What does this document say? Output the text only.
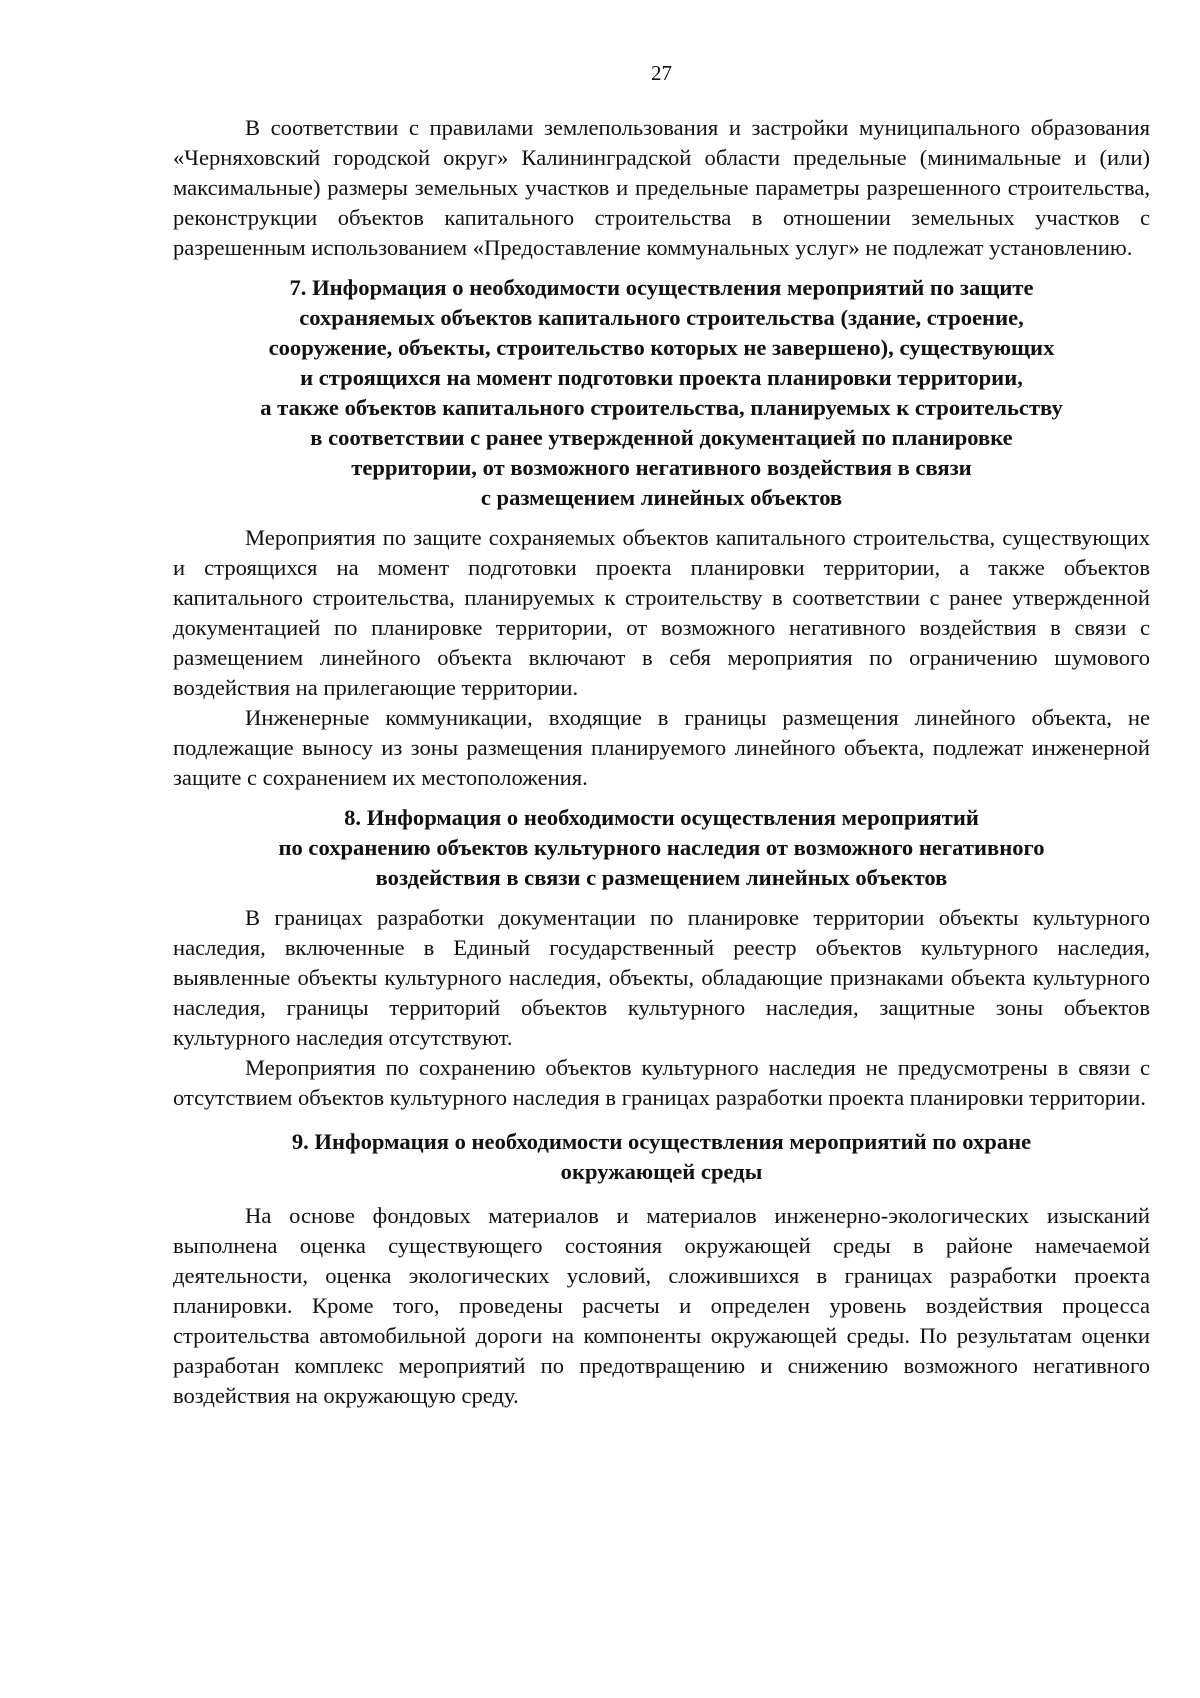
27

В соответствии с правилами землепользования и застройки муниципального образования «Черняховский городской округ» Калининградской области предельные (минимальные и (или) максимальные) размеры земельных участков и предельные параметры разрешенного строительства, реконструкции объектов капитального строительства в отношении земельных участков с разрешенным использованием «Предоставление коммунальных услуг» не подлежат установлению.

7. Информация о необходимости осуществления мероприятий по защите
сохраняемых объектов капитального строительства (здание, строение,
сооружение, объекты, строительство которых не завершено), существующих
и строящихся на момент подготовки проекта планировки территории,
а также объектов капитального строительства, планируемых к строительству
в соответствии с ранее утвержденной документацией по планировке
территории, от возможного негативного воздействия в связи
с размещением линейных объектов

Мероприятия по защите сохраняемых объектов капитального строительства, существующих и строящихся на момент подготовки проекта планировки территории, а также объектов капитального строительства, планируемых к строительству в соответствии с ранее утвержденной документацией по планировке территории, от возможного негативного воздействия в связи с размещением линейного объекта включают в себя мероприятия по ограничению шумового воздействия на прилегающие территории.

Инженерные коммуникации, входящие в границы размещения линейного объекта, не подлежащие выносу из зоны размещения планируемого линейного объекта, подлежат инженерной защите с сохранением их местоположения.

8. Информация о необходимости осуществления мероприятий
по сохранению объектов культурного наследия от возможного негативного
воздействия в связи с размещением линейных объектов

В границах разработки документации по планировке территории объекты культурного наследия, включенные в Единый государственный реестр объектов культурного наследия, выявленные объекты культурного наследия, объекты, обладающие признаками объекта культурного наследия, границы территорий объектов культурного наследия, защитные зоны объектов культурного наследия отсутствуют.

Мероприятия по сохранению объектов культурного наследия не предусмотрены в связи с отсутствием объектов культурного наследия в границах разработки проекта планировки территории.

9. Информация о необходимости осуществления мероприятий по охране
окружающей среды

На основе фондовых материалов и материалов инженерно-экологических изысканий выполнена оценка существующего состояния окружающей среды в районе намечаемой деятельности, оценка экологических условий, сложившихся в границах разработки проекта планировки. Кроме того, проведены расчеты и определен уровень воздействия процесса строительства автомобильной дороги на компоненты окружающей среды. По результатам оценки разработан комплекс мероприятий по предотвращению и снижению возможного негативного воздействия на окружающую среду.
